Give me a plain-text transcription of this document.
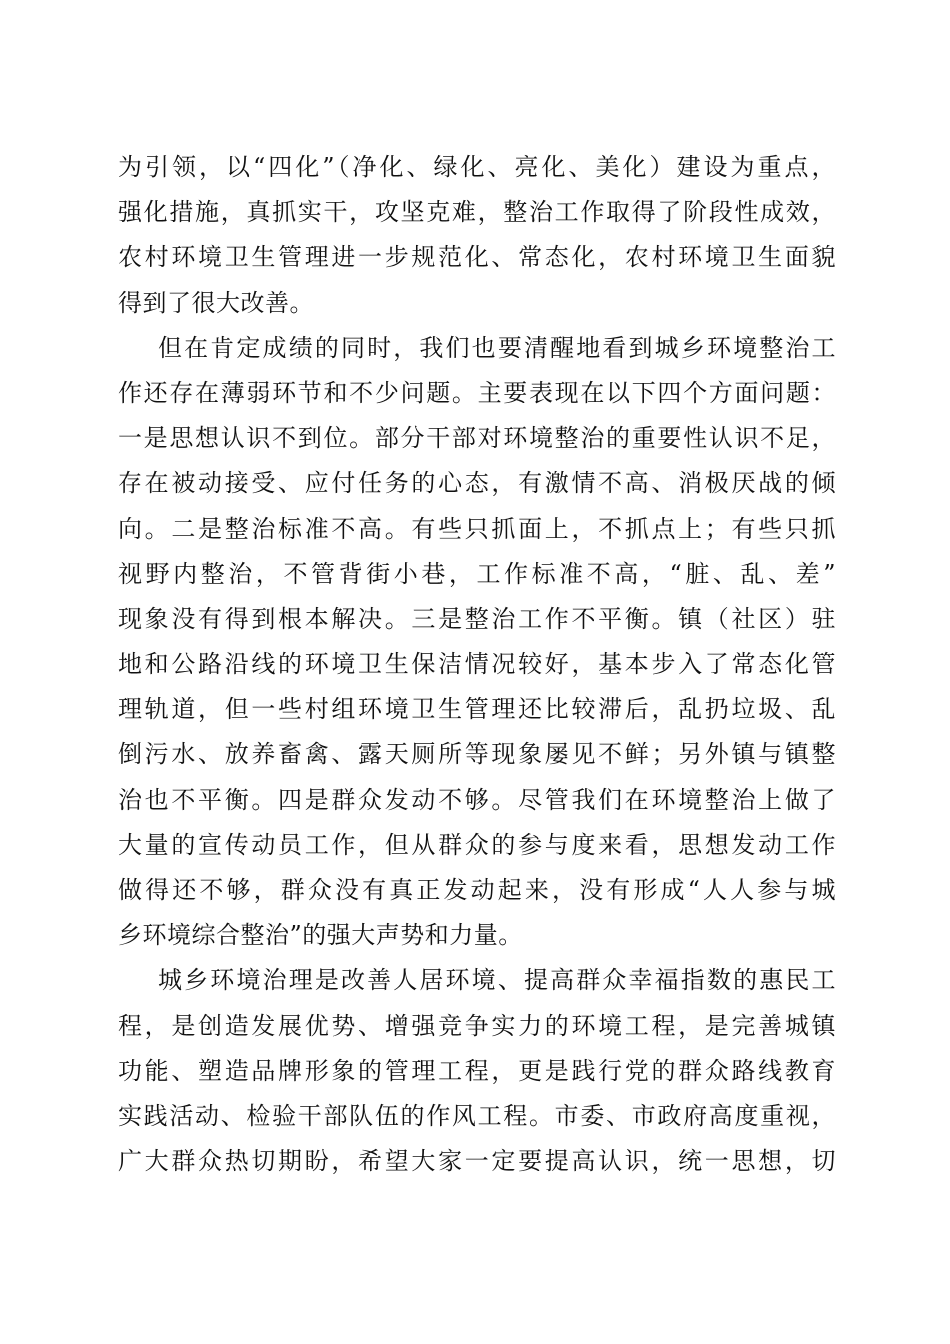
为引领，以“四化”（净化、绿化、亮化、美化）建设为重点，
强化措施，真抓实干，攻坚克难，整治工作取得了阶段性成效，
农村环境卫生管理进一步规范化、常态化，农村环境卫生面貌
得到了很大改善。
但在肯定成绩的同时，我们也要清醒地看到城乡环境整治工
作还存在薄弱环节和不少问题。主要表现在以下四个方面问题：
一是思想认识不到位。部分干部对环境整治的重要性认识不足，
存在被动接受、应付任务的心态，有激情不高、消极厌战的倾
向。二是整治标准不高。有些只抓面上，不抓点上；有些只抓
视野内整治，不管背街小巷，工作标准不高，“脏、乱、差”
现象没有得到根本解决。三是整治工作不平衡。镇（社区）驻
地和公路沿线的环境卫生保洁情况较好，基本步入了常态化管
理轨道，但一些村组环境卫生管理还比较滞后，乱扔垃圾、乱
倒污水、放养畜禽、露天厕所等现象屡见不鲜；另外镇与镇整
治也不平衡。四是群众发动不够。尽管我们在环境整治上做了
大量的宣传动员工作，但从群众的参与度来看，思想发动工作
做得还不够，群众没有真正发动起来，没有形成“人人参与城
乡环境综合整治”的强大声势和力量。
城乡环境治理是改善人居环境、提高群众幸福指数的惠民工
程，是创造发展优势、增强竞争实力的环境工程，是完善城镇
功能、塑造品牌形象的管理工程，更是践行党的群众路线教育
实践活动、检验干部队伍的作风工程。市委、市政府高度重视，
广大群众热切期盼，希望大家一定要提高认识，统一思想，切
